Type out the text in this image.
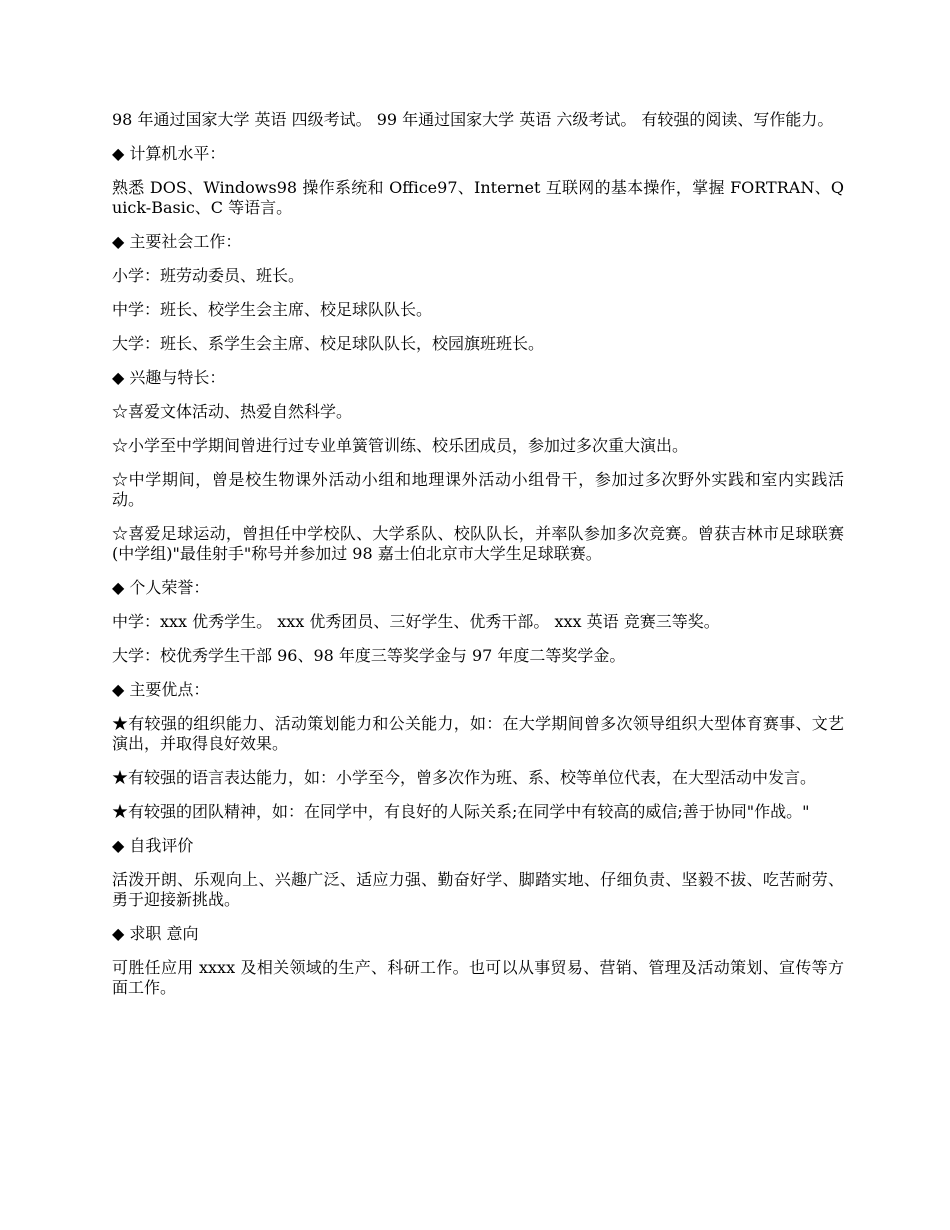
98 年通过国家大学 英语 四级考试。 99 年通过国家大学 英语 六级考试。 有较强的阅读、写作能力。

◆ 计算机水平：

熟悉 DOS、Windows98 操作系统和 Office97、Internet 互联网的基本操作，掌握 FORTRAN、Quick-Basic、C 等语言。

◆ 主要社会工作：

小学：班劳动委员、班长。

中学：班长、校学生会主席、校足球队队长。

大学：班长、系学生会主席、校足球队队长，校园旗班班长。

◆ 兴趣与特长：

☆喜爱文体活动、热爱自然科学。

☆小学至中学期间曾进行过专业单簧管训练、校乐团成员，参加过多次重大演出。

☆中学期间，曾是校生物课外活动小组和地理课外活动小组骨干，参加过多次野外实践和室内实践活动。

☆喜爱足球运动，曾担任中学校队、大学系队、校队队长，并率队参加多次竞赛。曾获吉林市足球联赛(中学组)"最佳射手"称号并参加过 98 嘉士伯北京市大学生足球联赛。

◆ 个人荣誉：

中学：xxx 优秀学生。 xxx 优秀团员、三好学生、优秀干部。 xxx 英语 竞赛三等奖。

大学：校优秀学生干部 96、98 年度三等奖学金与 97 年度二等奖学金。

◆ 主要优点：

★有较强的组织能力、活动策划能力和公关能力，如：在大学期间曾多次领导组织大型体育赛事、文艺演出，并取得良好效果。

★有较强的语言表达能力，如：小学至今，曾多次作为班、系、校等单位代表，在大型活动中发言。

★有较强的团队精神，如：在同学中，有良好的人际关系;在同学中有较高的威信;善于协同"作战。"

◆ 自我评价

活泼开朗、乐观向上、兴趣广泛、适应力强、勤奋好学、脚踏实地、仔细负责、坚毅不拔、吃苦耐劳、勇于迎接新挑战。

◆ 求职 意向

可胜任应用 xxxx 及相关领域的生产、科研工作。也可以从事贸易、营销、管理及活动策划、宣传等方面工作。
